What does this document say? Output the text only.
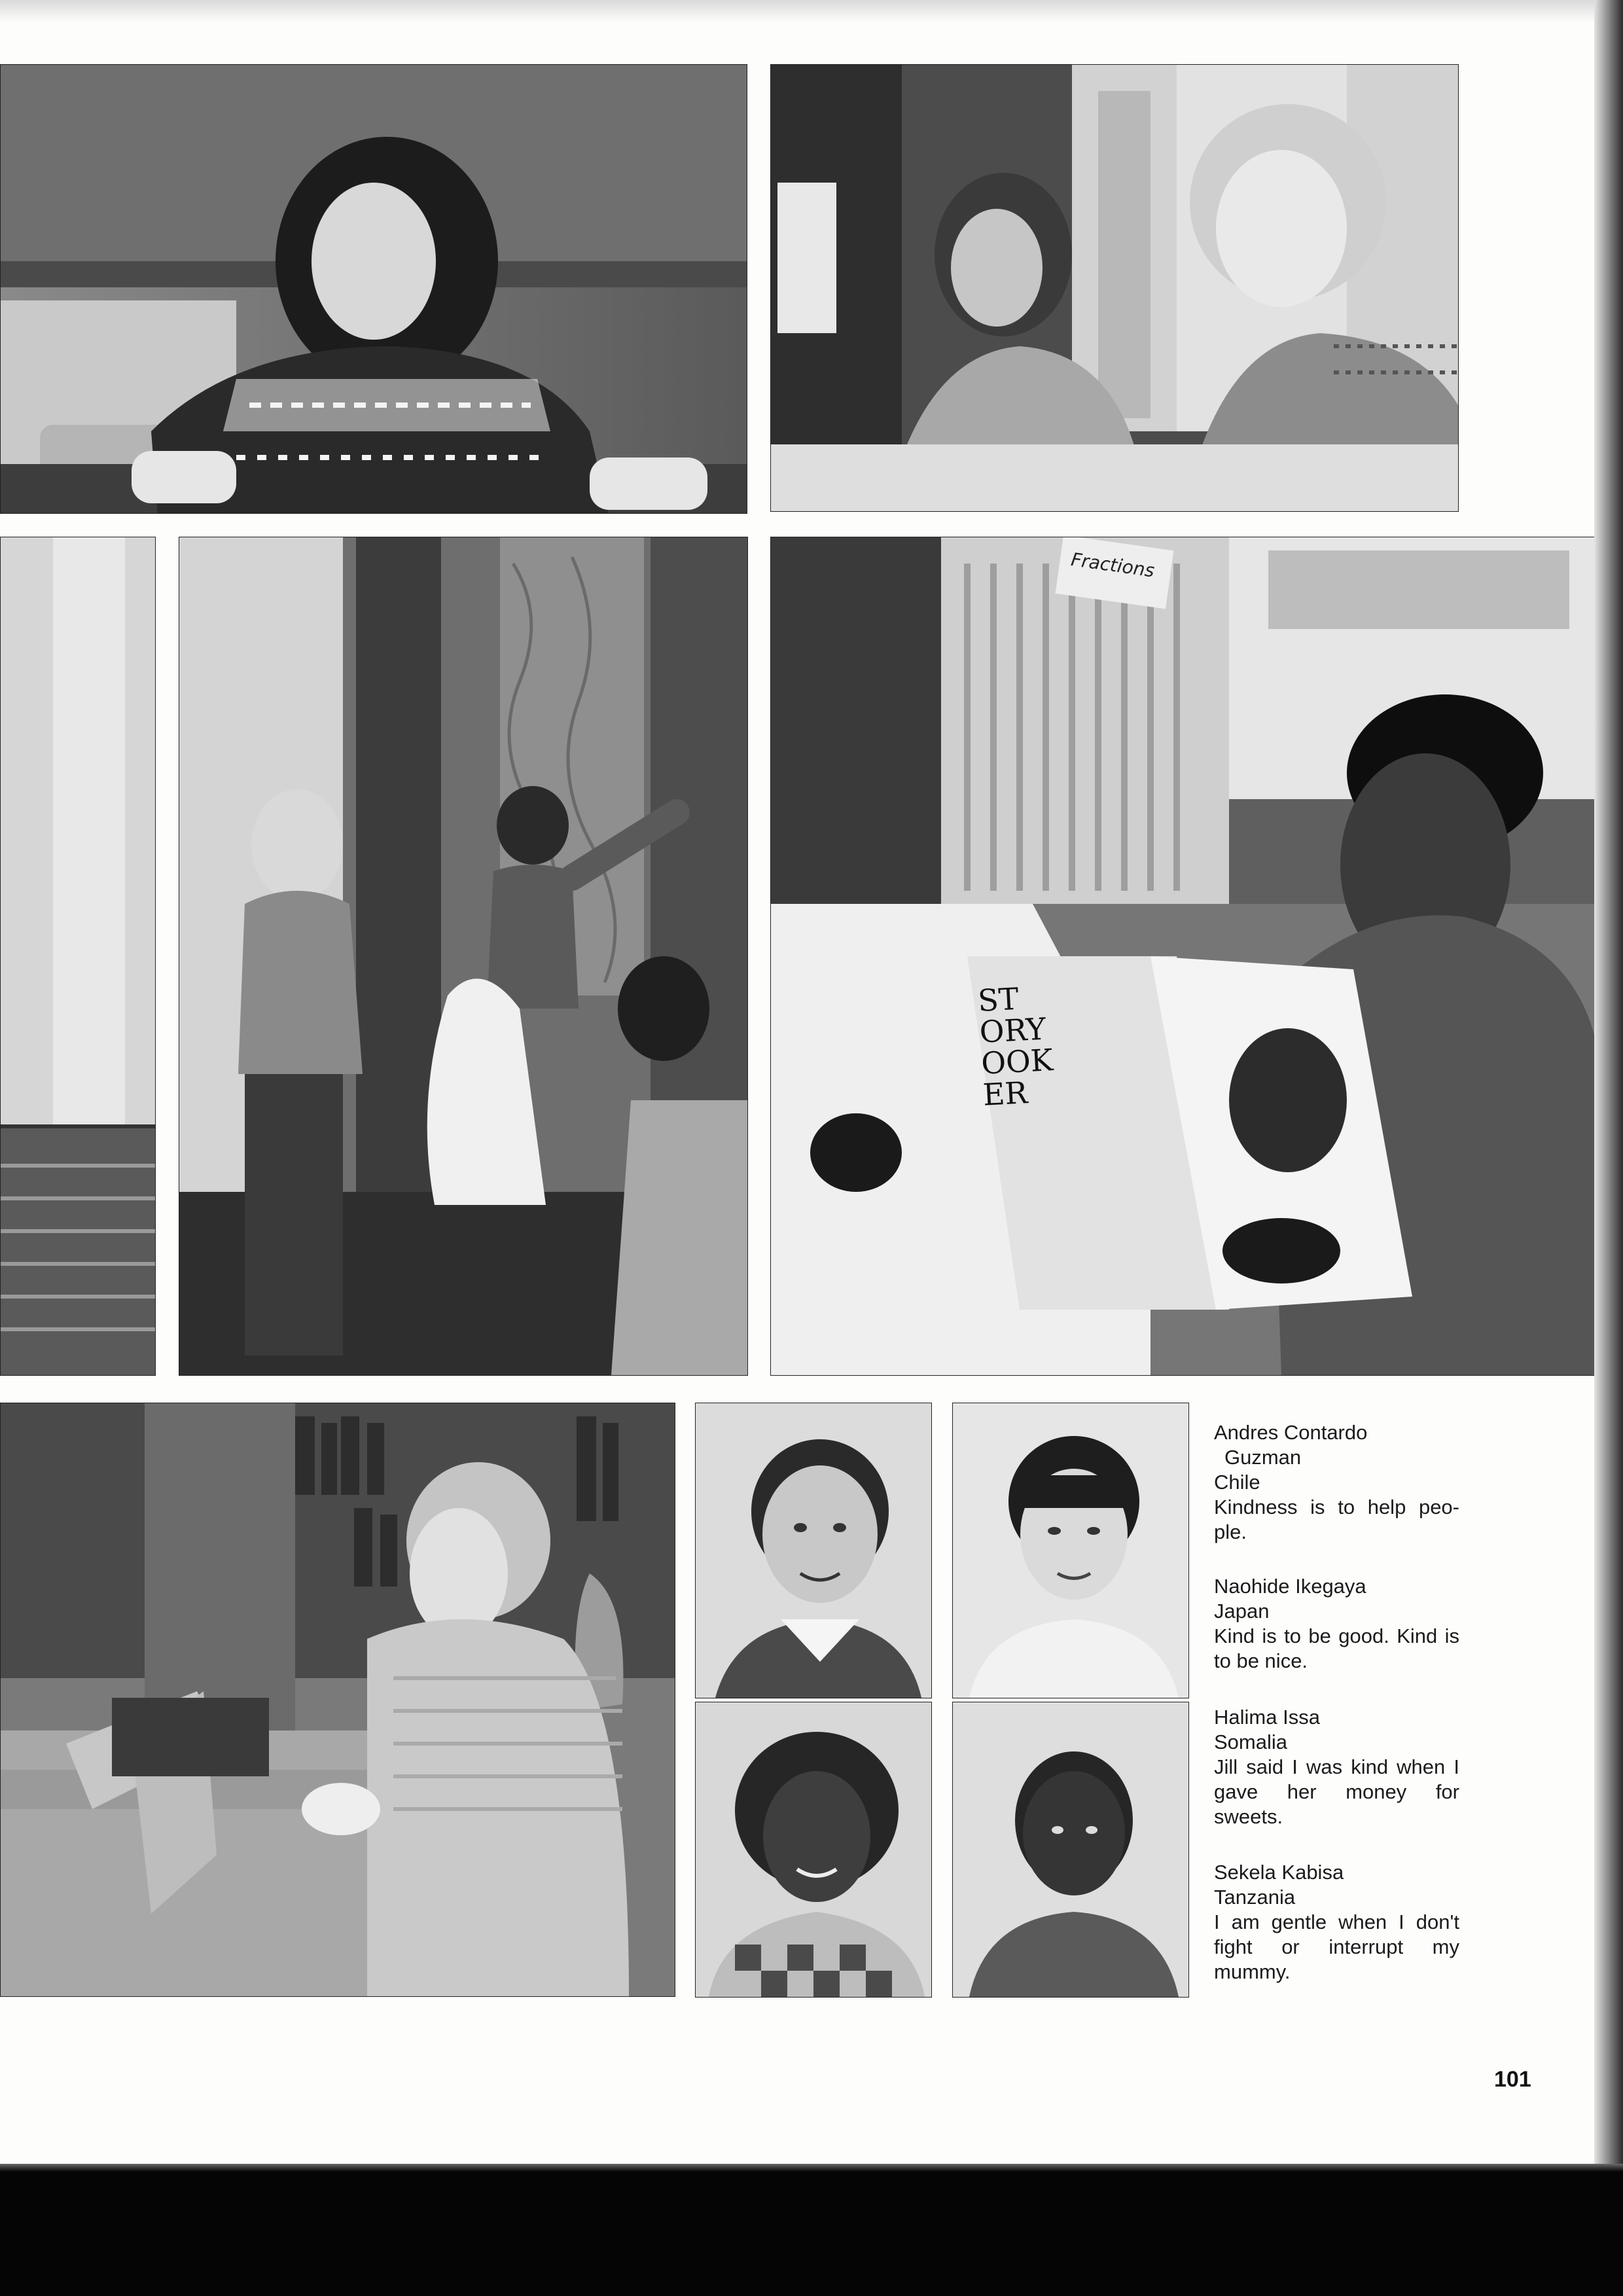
Fractions
ST
ORY
OOK
ER
Andres Contardo
Guzman
Chile
Kindness is to help peo-ple.
Naohide Ikegaya
Japan
Kind is to be good. Kind is to be nice.
Halima Issa
Somalia
Jill said I was kind when I gave her money for sweets.
Sekela Kabisa
Tanzania
I am gentle when I don't fight or interrupt my mummy.
101
